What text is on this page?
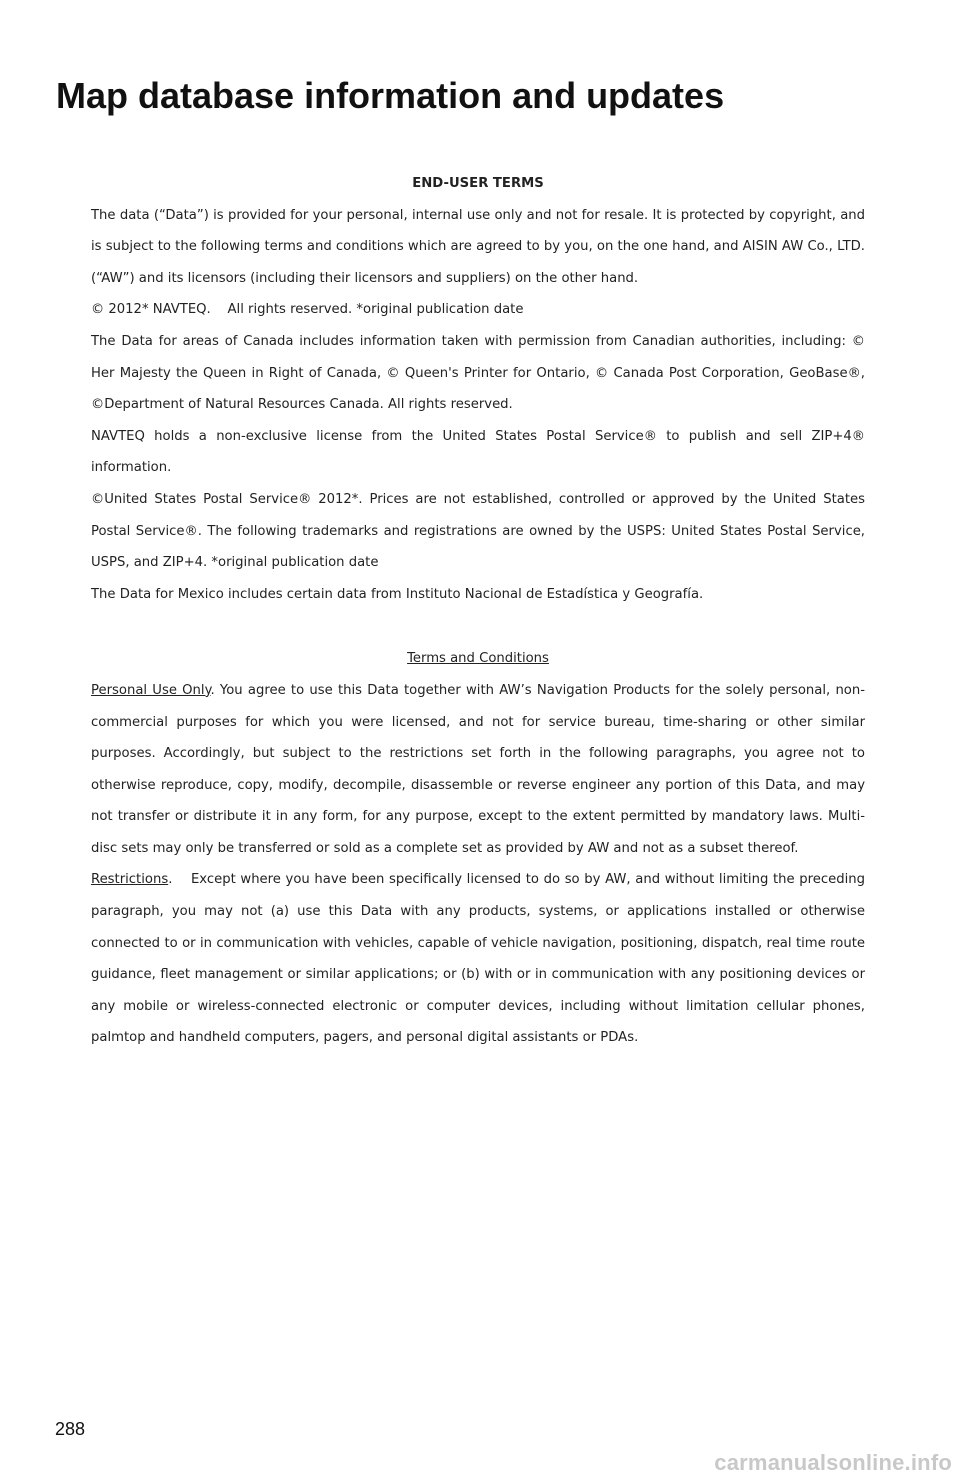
Map database information and updates

END-USER TERMS

The data (“Data”) is provided for your personal, internal use only and not for resale. It is protected by copyright, and is subject to the following terms and conditions which are agreed to by you, on the one hand, and AISIN AW Co., LTD. (“AW”) and its licensors (including their licensors and suppliers) on the other hand.

© 2012* NAVTEQ.    All rights reserved. *original publication date

The Data for areas of Canada includes information taken with permission from Canadian authorities, including: © Her Majesty the Queen in Right of Canada, © Queen's Printer for Ontario, © Canada Post Corporation, GeoBase®, ©Department of Natural Resources Canada. All rights reserved.

NAVTEQ holds a non-exclusive license from the United States Postal Service® to publish and sell ZIP+4® information.

©United States Postal Service® 2012*. Prices are not established, controlled or approved by the United States Postal Service®. The following trademarks and registrations are owned by the USPS: United States Postal Service, USPS, and ZIP+4. *original publication date

The Data for Mexico includes certain data from Instituto Nacional de Estadística y Geografía.

Terms and Conditions

Personal Use Only. You agree to use this Data together with AW’s Navigation Products for the solely personal, non-commercial purposes for which you were licensed, and not for service bureau, time-sharing or other similar purposes. Accordingly, but subject to the restrictions set forth in the following paragraphs, you agree not to otherwise reproduce, copy, modify, decompile, disassemble or reverse engineer any portion of this Data, and may not transfer or distribute it in any form, for any purpose, except to the extent permitted by mandatory laws. Multi-disc sets may only be transferred or sold as a complete set as provided by AW and not as a subset thereof.

Restrictions.    Except where you have been specifically licensed to do so by AW, and without limiting the preceding paragraph, you may not (a) use this Data with any products, systems, or applications installed or otherwise connected to or in communication with vehicles, capable of vehicle navigation, positioning, dispatch, real time route guidance, fleet management or similar applications; or (b) with or in communication with any positioning devices or any mobile or wireless-connected electronic or computer devices, including without limitation cellular phones, palmtop and handheld computers, pagers, and personal digital assistants or PDAs.

288
carmanualsonline.info
